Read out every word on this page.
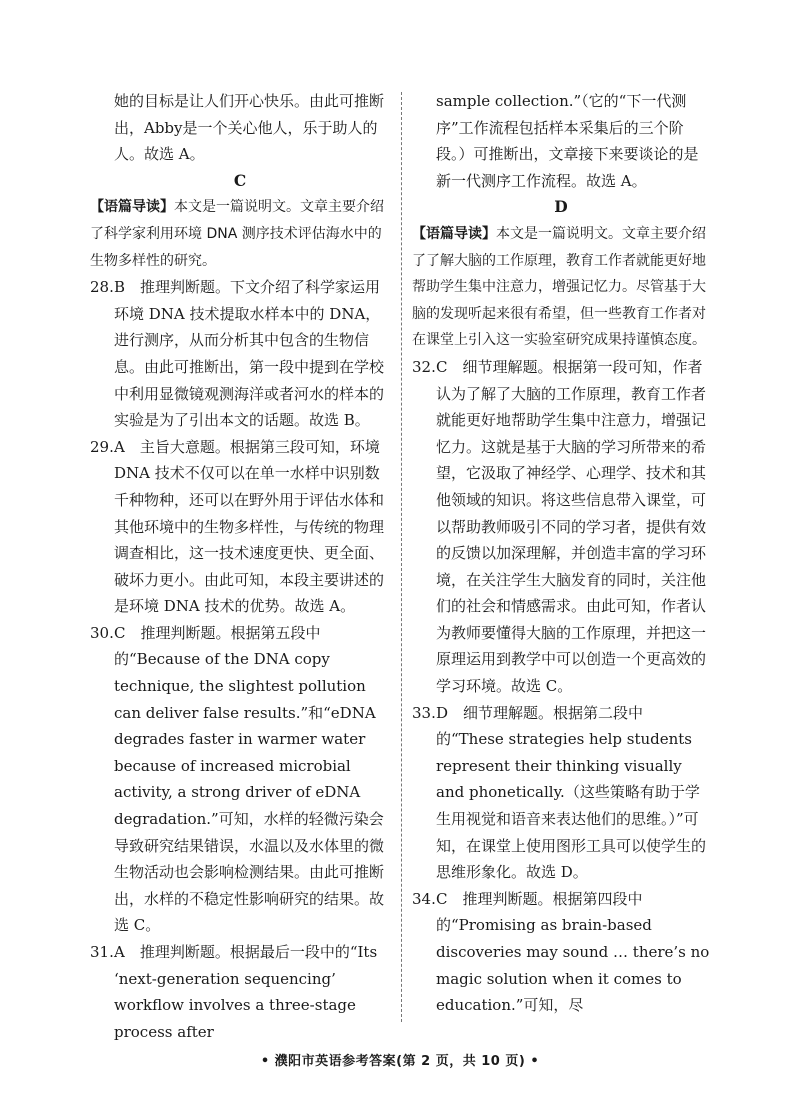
她的目标是让人们开心快乐。由此可推断出，Abby是一个关心他人，乐于助人的人。故选 A。

C

【语篇导读】本文是一篇说明文。文章主要介绍了科学家利用环境 DNA 测序技术评估海水中的生物多样性的研究。

28. B　推理判断题。下文介绍了科学家运用环境 DNA 技术提取水样本中的 DNA，进行测序，从而分析其中包含的生物信息。由此可推断出，第一段中提到在学校中利用显微镜观测海洋或者河水的样本的实验是为了引出本文的话题。故选 B。
29. A　主旨大意题。根据第三段可知，环境 DNA 技术不仅可以在单一水样中识别数千种物种，还可以在野外用于评估水体和其他环境中的生物多样性，与传统的物理调查相比，这一技术速度更快、更全面、破坏力更小。由此可知，本段主要讲述的是环境 DNA 技术的优势。故选 A。
30. C　推理判断题。根据第五段中的“Because of the DNA copy technique, the slightest pollution can deliver false results.”和“eDNA degrades faster in warmer water because of increased microbial activity, a strong driver of eDNA degradation.”可知，水样的轻微污染会导致研究结果错误，水温以及水体里的微生物活动也会影响检测结果。由此可推断出，水样的不稳定性影响研究的结果。故选 C。
31. A　推理判断题。根据最后一段中的“Its ‘next-generation sequencing’ workflow involves a three-stage process after

sample collection.”（它的“下一代测序”工作流程包括样本采集后的三个阶段。）可推断出，文章接下来要谈论的是新一代测序工作流程。故选 A。

D

【语篇导读】本文是一篇说明文。文章主要介绍了了解大脑的工作原理，教育工作者就能更好地帮助学生集中注意力，增强记忆力。尽管基于大脑的发现听起来很有希望，但一些教育工作者对在课堂上引入这一实验室研究成果持谨慎态度。

32. C　细节理解题。根据第一段可知，作者认为了解了大脑的工作原理，教育工作者就能更好地帮助学生集中注意力，增强记忆力。这就是基于大脑的学习所带来的希望，它汲取了神经学、心理学、技术和其他领域的知识。将这些信息带入课堂，可以帮助教师吸引不同的学习者，提供有效的反馈以加深理解，并创造丰富的学习环境，在关注学生大脑发育的同时，关注他们的社会和情感需求。由此可知，作者认为教师要懂得大脑的工作原理，并把这一原理运用到教学中可以创造一个更高效的学习环境。故选 C。
33. D　细节理解题。根据第二段中的“These strategies help students represent their thinking visually and phonetically.（这些策略有助于学生用视觉和语音来表达他们的思维。）”可知，在课堂上使用图形工具可以使学生的思维形象化。故选 D。
34. C　推理判断题。根据第四段中的“Promising as brain-based discoveries may sound … there’s no magic solution when it comes to education.”可知，尽
• 濮阳市英语参考答案(第 2 页，共 10 页) •
